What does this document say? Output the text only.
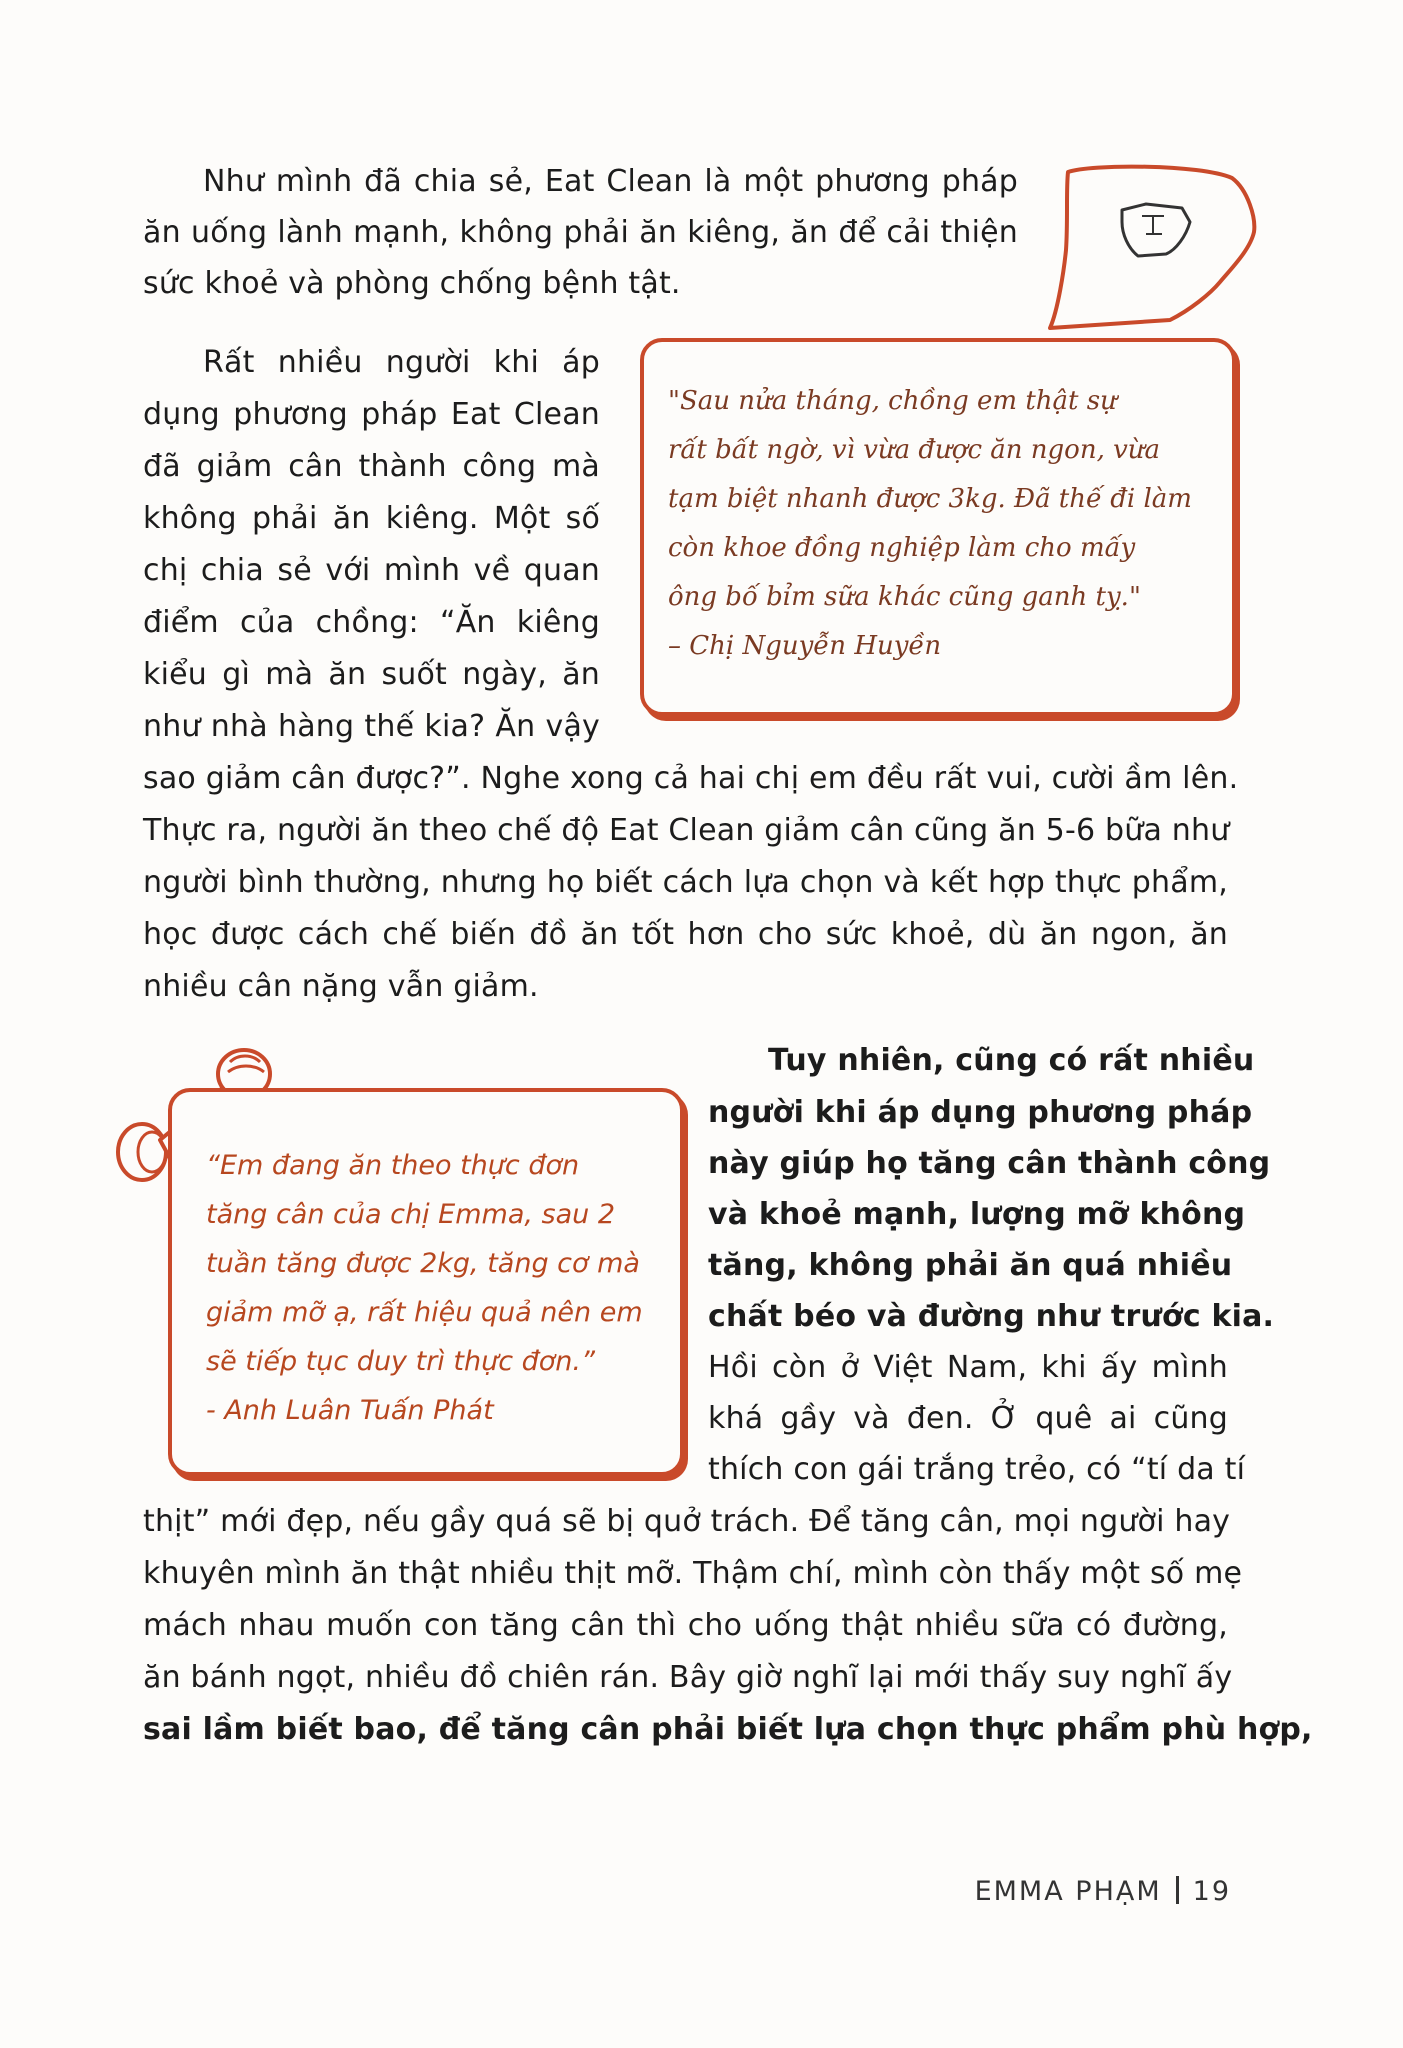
Như mình đã chia sẻ, Eat Clean là một phương pháp
ăn uống lành mạnh, không phải ăn kiêng, ăn để cải thiện
sức khoẻ và phòng chống bệnh tật.
Rất nhiều người khi áp
dụng phương pháp Eat Clean
đã giảm cân thành công mà
không phải ăn kiêng. Một số
chị chia sẻ với mình về quan
điểm của chồng: “Ăn kiêng
kiểu gì mà ăn suốt ngày, ăn
như nhà hàng thế kia? Ăn vậy
"Sau nửa tháng, chồng em thật sự
rất bất ngờ, vì vừa được ăn ngon, vừa
tạm biệt nhanh được 3kg. Đã thế đi làm
còn khoe đồng nghiệp làm cho mấy
ông bố bỉm sữa khác cũng ganh tỵ."
– Chị Nguyễn Huyền
sao giảm cân được?”. Nghe xong cả hai chị em đều rất vui, cười ầm lên.
Thực ra, người ăn theo chế độ Eat Clean giảm cân cũng ăn 5-6 bữa như
người bình thường, nhưng họ biết cách lựa chọn và kết hợp thực phẩm,
học được cách chế biến đồ ăn tốt hơn cho sức khoẻ, dù ăn ngon, ăn
nhiều cân nặng vẫn giảm.
“Em đang ăn theo thực đơn
tăng cân của chị Emma, sau 2
tuần tăng được 2kg, tăng cơ mà
giảm mỡ ạ, rất hiệu quả nên em
sẽ tiếp tục duy trì thực đơn.”
- Anh Luân Tuấn Phát
Tuy nhiên, cũng có rất nhiều
người khi áp dụng phương pháp
này giúp họ tăng cân thành công
và khoẻ mạnh, lượng mỡ không
tăng, không phải ăn quá nhiều
chất béo và đường như trước kia.
Hồi còn ở Việt Nam, khi ấy mình
khá gầy và đen. Ở quê ai cũng
thích con gái trắng trẻo, có “tí da tí
thịt” mới đẹp, nếu gầy quá sẽ bị quở trách. Để tăng cân, mọi người hay
khuyên mình ăn thật nhiều thịt mỡ. Thậm chí, mình còn thấy một số mẹ
mách nhau muốn con tăng cân thì cho uống thật nhiều sữa có đường,
ăn bánh ngọt, nhiều đồ chiên rán. Bây giờ nghĩ lại mới thấy suy nghĩ ấy
sai lầm biết bao, để tăng cân phải biết lựa chọn thực phẩm phù hợp,
EMMA PHẠM 19
